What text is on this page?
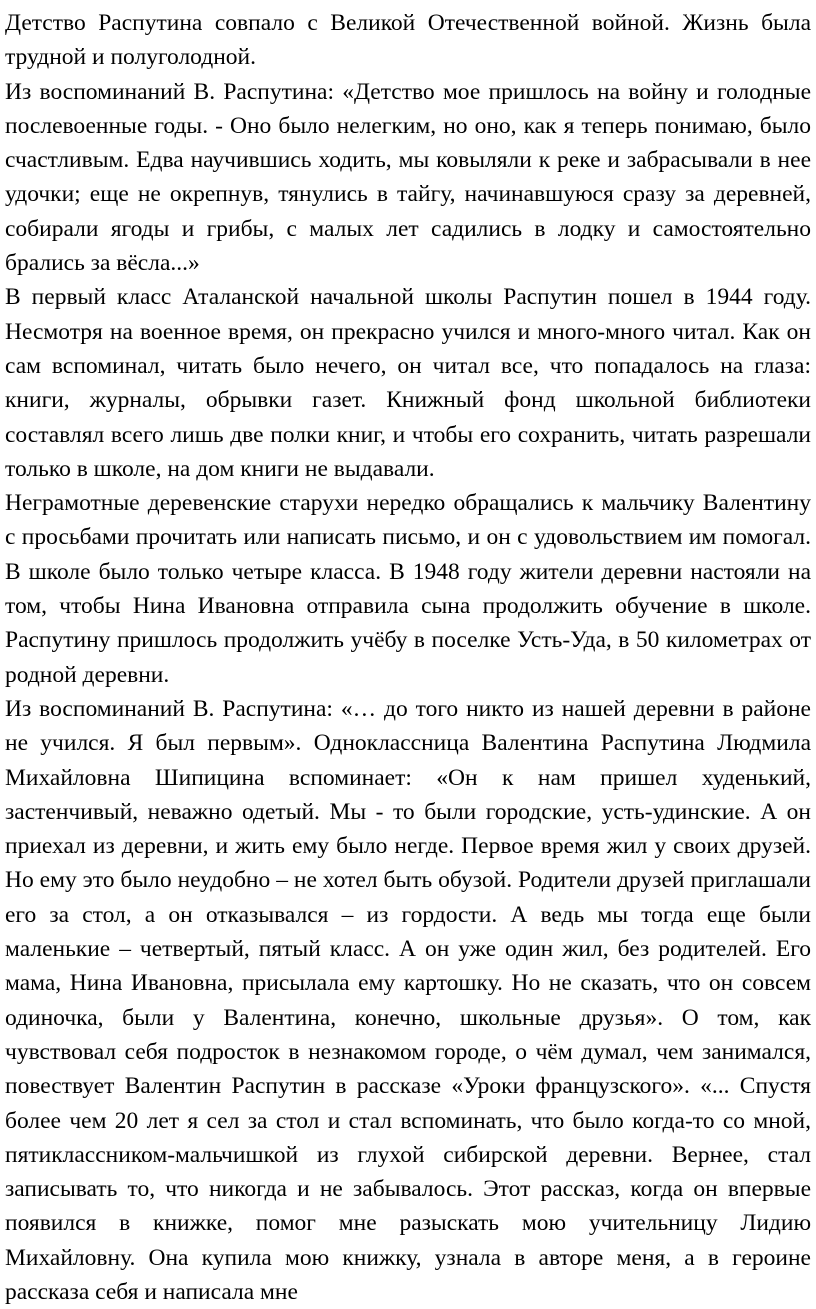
Детство Распутина совпало с Великой Отечественной войной. Жизнь была трудной и полуголодной.

Из воспоминаний В. Распутина: «Детство мое пришлось на войну и голодные послевоенные годы. - Оно было нелегким, но оно, как я теперь понимаю, было счастливым. Едва научившись ходить, мы ковыляли к реке и забрасывали в нее удочки; еще не окрепнув, тянулись в тайгу, начинавшуюся сразу за деревней, собирали ягоды и грибы, с малых лет садились в лодку и самостоятельно брались за вёсла...»

В первый класс Аталанской начальной школы Распутин пошел в 1944 году. Несмотря на военное время, он прекрасно учился и много-много читал. Как он сам вспоминал, читать было нечего, он читал все, что попадалось на глаза: книги, журналы, обрывки газет. Книжный фонд школьной библиотеки составлял всего лишь две полки книг, и чтобы его сохранить, читать разрешали только в школе, на дом книги не выдавали.

Неграмотные деревенские старухи нередко обращались к мальчику Валентину с просьбами прочитать или написать письмо, и он с удовольствием им помогал. В школе было только четыре класса. В 1948 году жители деревни настояли на том, чтобы Нина Ивановна отправила сына продолжить обучение в школе. Распутину пришлось продолжить учёбу в поселке Усть-Уда, в 50 километрах от родной деревни.

Из воспоминаний В. Распутина: «… до того никто из нашей деревни в районе не учился. Я был первым». Одноклассница Валентина Распутина Людмила Михайловна Шипицина вспоминает: «Он к нам пришел худенький, застенчивый, неважно одетый. Мы - то были городские, усть-удинские. А он приехал из деревни, и жить ему было негде. Первое время жил у своих друзей. Но ему это было неудобно – не хотел быть обузой. Родители друзей приглашали его за стол, а он отказывался – из гордости. А ведь мы тогда еще были маленькие – четвертый, пятый класс. А он уже один жил, без родителей. Его мама, Нина Ивановна, присылала ему картошку. Но не сказать, что он совсем одиночка, были у Валентина, конечно, школьные друзья». О том, как чувствовал себя подросток в незнакомом городе, о чём думал, чем занимался, повествует Валентин Распутин в рассказе «Уроки французского». «... Спустя более чем 20 лет я сел за стол и стал вспоминать, что было когда-то со мной, пятиклассником-мальчишкой из глухой сибирской деревни. Вернее, стал записывать то, что никогда и не забывалось. Этот рассказ, когда он впервые появился в книжке, помог мне разыскать мою учительницу Лидию Михайловну. Она купила мою книжку, узнала в авторе меня, а в героине рассказа себя и написала мне
